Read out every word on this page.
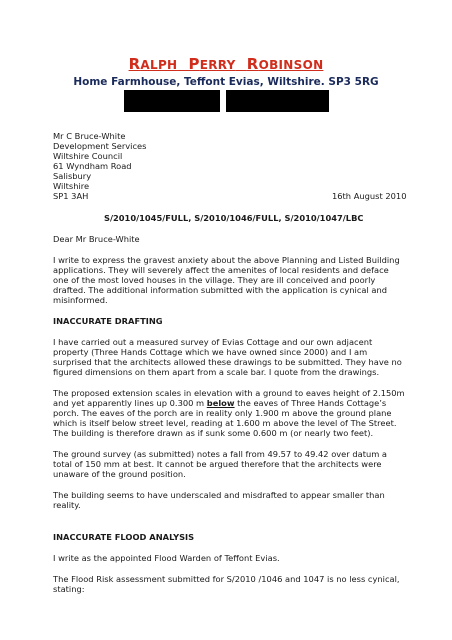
RALPH PERRY ROBINSON
Home Farmhouse, Teffont Evias, Wiltshire. SP3 5RG
Mr C Bruce-White
Development Services
Wiltshire Council
61 Wyndham Road
Salisbury
Wiltshire
SP1 3AH	16th August 2010
S/2010/1045/FULL, S/2010/1046/FULL, S/2010/1047/LBC
Dear Mr Bruce-White
I write to express the gravest anxiety about the above Planning and Listed Building
applications. They will severely affect the amenites of local residents and deface
one of the most loved houses in the village. They are ill conceived and poorly
drafted. The additional information submitted with the application is cynical and
misinformed.
INACCURATE DRAFTING
I have carried out a measured survey of Evias Cottage and our own adjacent
property (Three Hands Cottage which we have owned since 2000) and I am
surprised that the architects allowed these drawings to be submitted. They have no
figured dimensions on them apart from a scale bar. I quote from the drawings.
The proposed extension scales in elevation with a ground to eaves height of 2.150m
and yet apparently lines up 0.300 m below the eaves of Three Hands Cottage’s
porch. The eaves of the porch are in reality only 1.900 m above the ground plane
which is itself below street level, reading at 1.600 m above the level of The Street.
The building is therefore drawn as if sunk some 0.600 m (or nearly two feet).
The ground survey (as submitted) notes a fall from 49.57 to 49.42 over datum a
total of 150 mm at best. It cannot be argued therefore that the architects were
unaware of the ground position.
The building seems to have underscaled and misdrafted to appear smaller than
reality.
INACCURATE FLOOD ANALYSIS
I write as the appointed Flood Warden of Teffont Evias.
The Flood Risk assessment submitted for S/2010 /1046 and 1047 is no less cynical,
stating:
